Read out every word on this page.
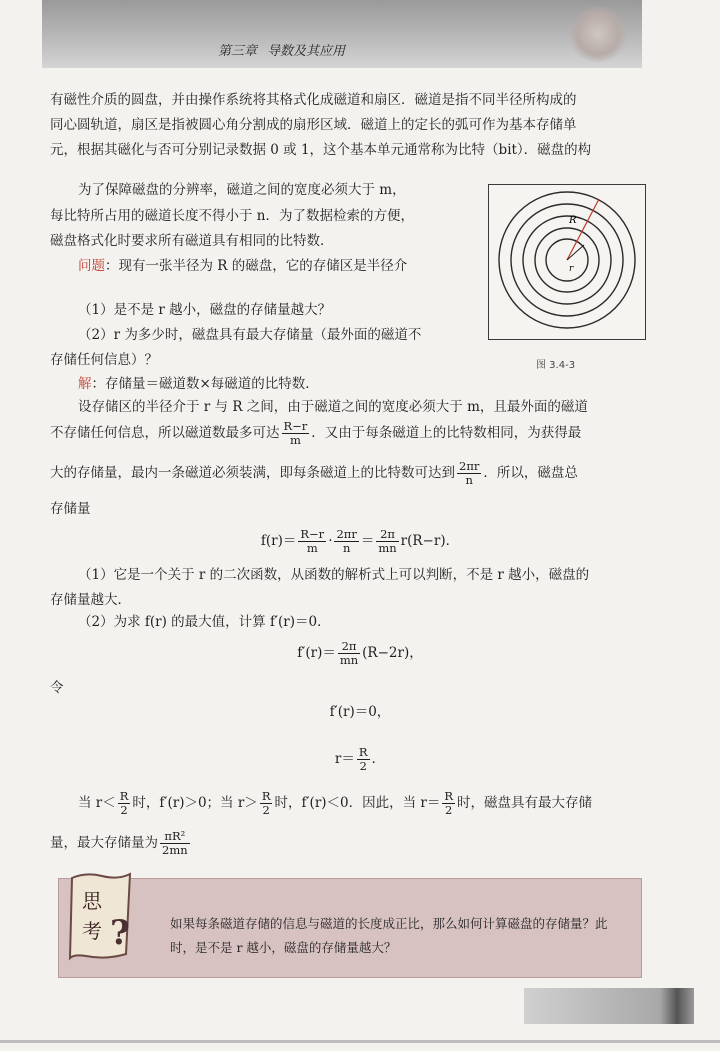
第三章 导数及其应用

有磁性介质的圆盘，并由操作系统将其格式化成磁道和扇区．磁道是指不同半径所构成的

同心圆轨道，扇区是指被圆心角分割成的扇形区域．磁道上的定长的弧可作为基本存储单

元，根据其磁化与否可分别记录数据 0 或 1，这个基本单元通常称为比特（bit）．磁盘的构

为了保障磁盘的分辨率，磁道之间的宽度必须大于 m，

每比特所占用的磁道长度不得小于 n．为了数据检索的方便，

磁盘格式化时要求所有磁道具有相同的比特数．

问题：现有一张半径为 R 的磁盘，它的存储区是半径介

（1）是不是 r 越小，磁盘的存储量越大？

（2）r 为多少时，磁盘具有最大存储量（最外面的磁道不

存储任何信息）？

解：存储量＝磁道数×每磁道的比特数．

R
r
图 3.4-3

设存储区的半径介于 r 与 R 之间，由于磁道之间的宽度必须大于 m，且最外面的磁道

不存储任何信息，所以磁道数最多可达 $\frac{R-r}{m}$ ．又由于每条磁道上的比特数相同，为获得最

大的存储量，最内一条磁道必须装满，即每条磁道上的比特数可达到 $\frac{2\pi r}{n}$ ．所以，磁盘总

存储量

$f(r)= \frac{R-r}{m} \cdot \frac{2\pi r}{n} = \frac{2\pi}{mn} r(R-r)$．

（1）它是一个关于 r 的二次函数，从函数的解析式上可以判断，不是 r 越小，磁盘的

存储量越大．

（2）为求 f(r) 的最大值，计算 f′(r)＝0．

$f'(r)= \frac{2\pi}{mn} (R-2r)$，

令

f′(r)＝0，
$r= \frac{R}{2}$ ．

当 $r< \frac{R}{2}$ 时，f′(r)＞0；当 $r> \frac{R}{2}$ 时，f′(r)＜0．因此，当 $r= \frac{R}{2}$ 时，磁盘具有最大存储

量，最大存储量为 $\frac{\text{πR²}}{2mn}$

思
考 ?	如果每条磁道存储的信息与磁道的长度成正比，那么如何计算磁盘的存储量？此时，是不是 r 越小，磁盘的存储量越大？
